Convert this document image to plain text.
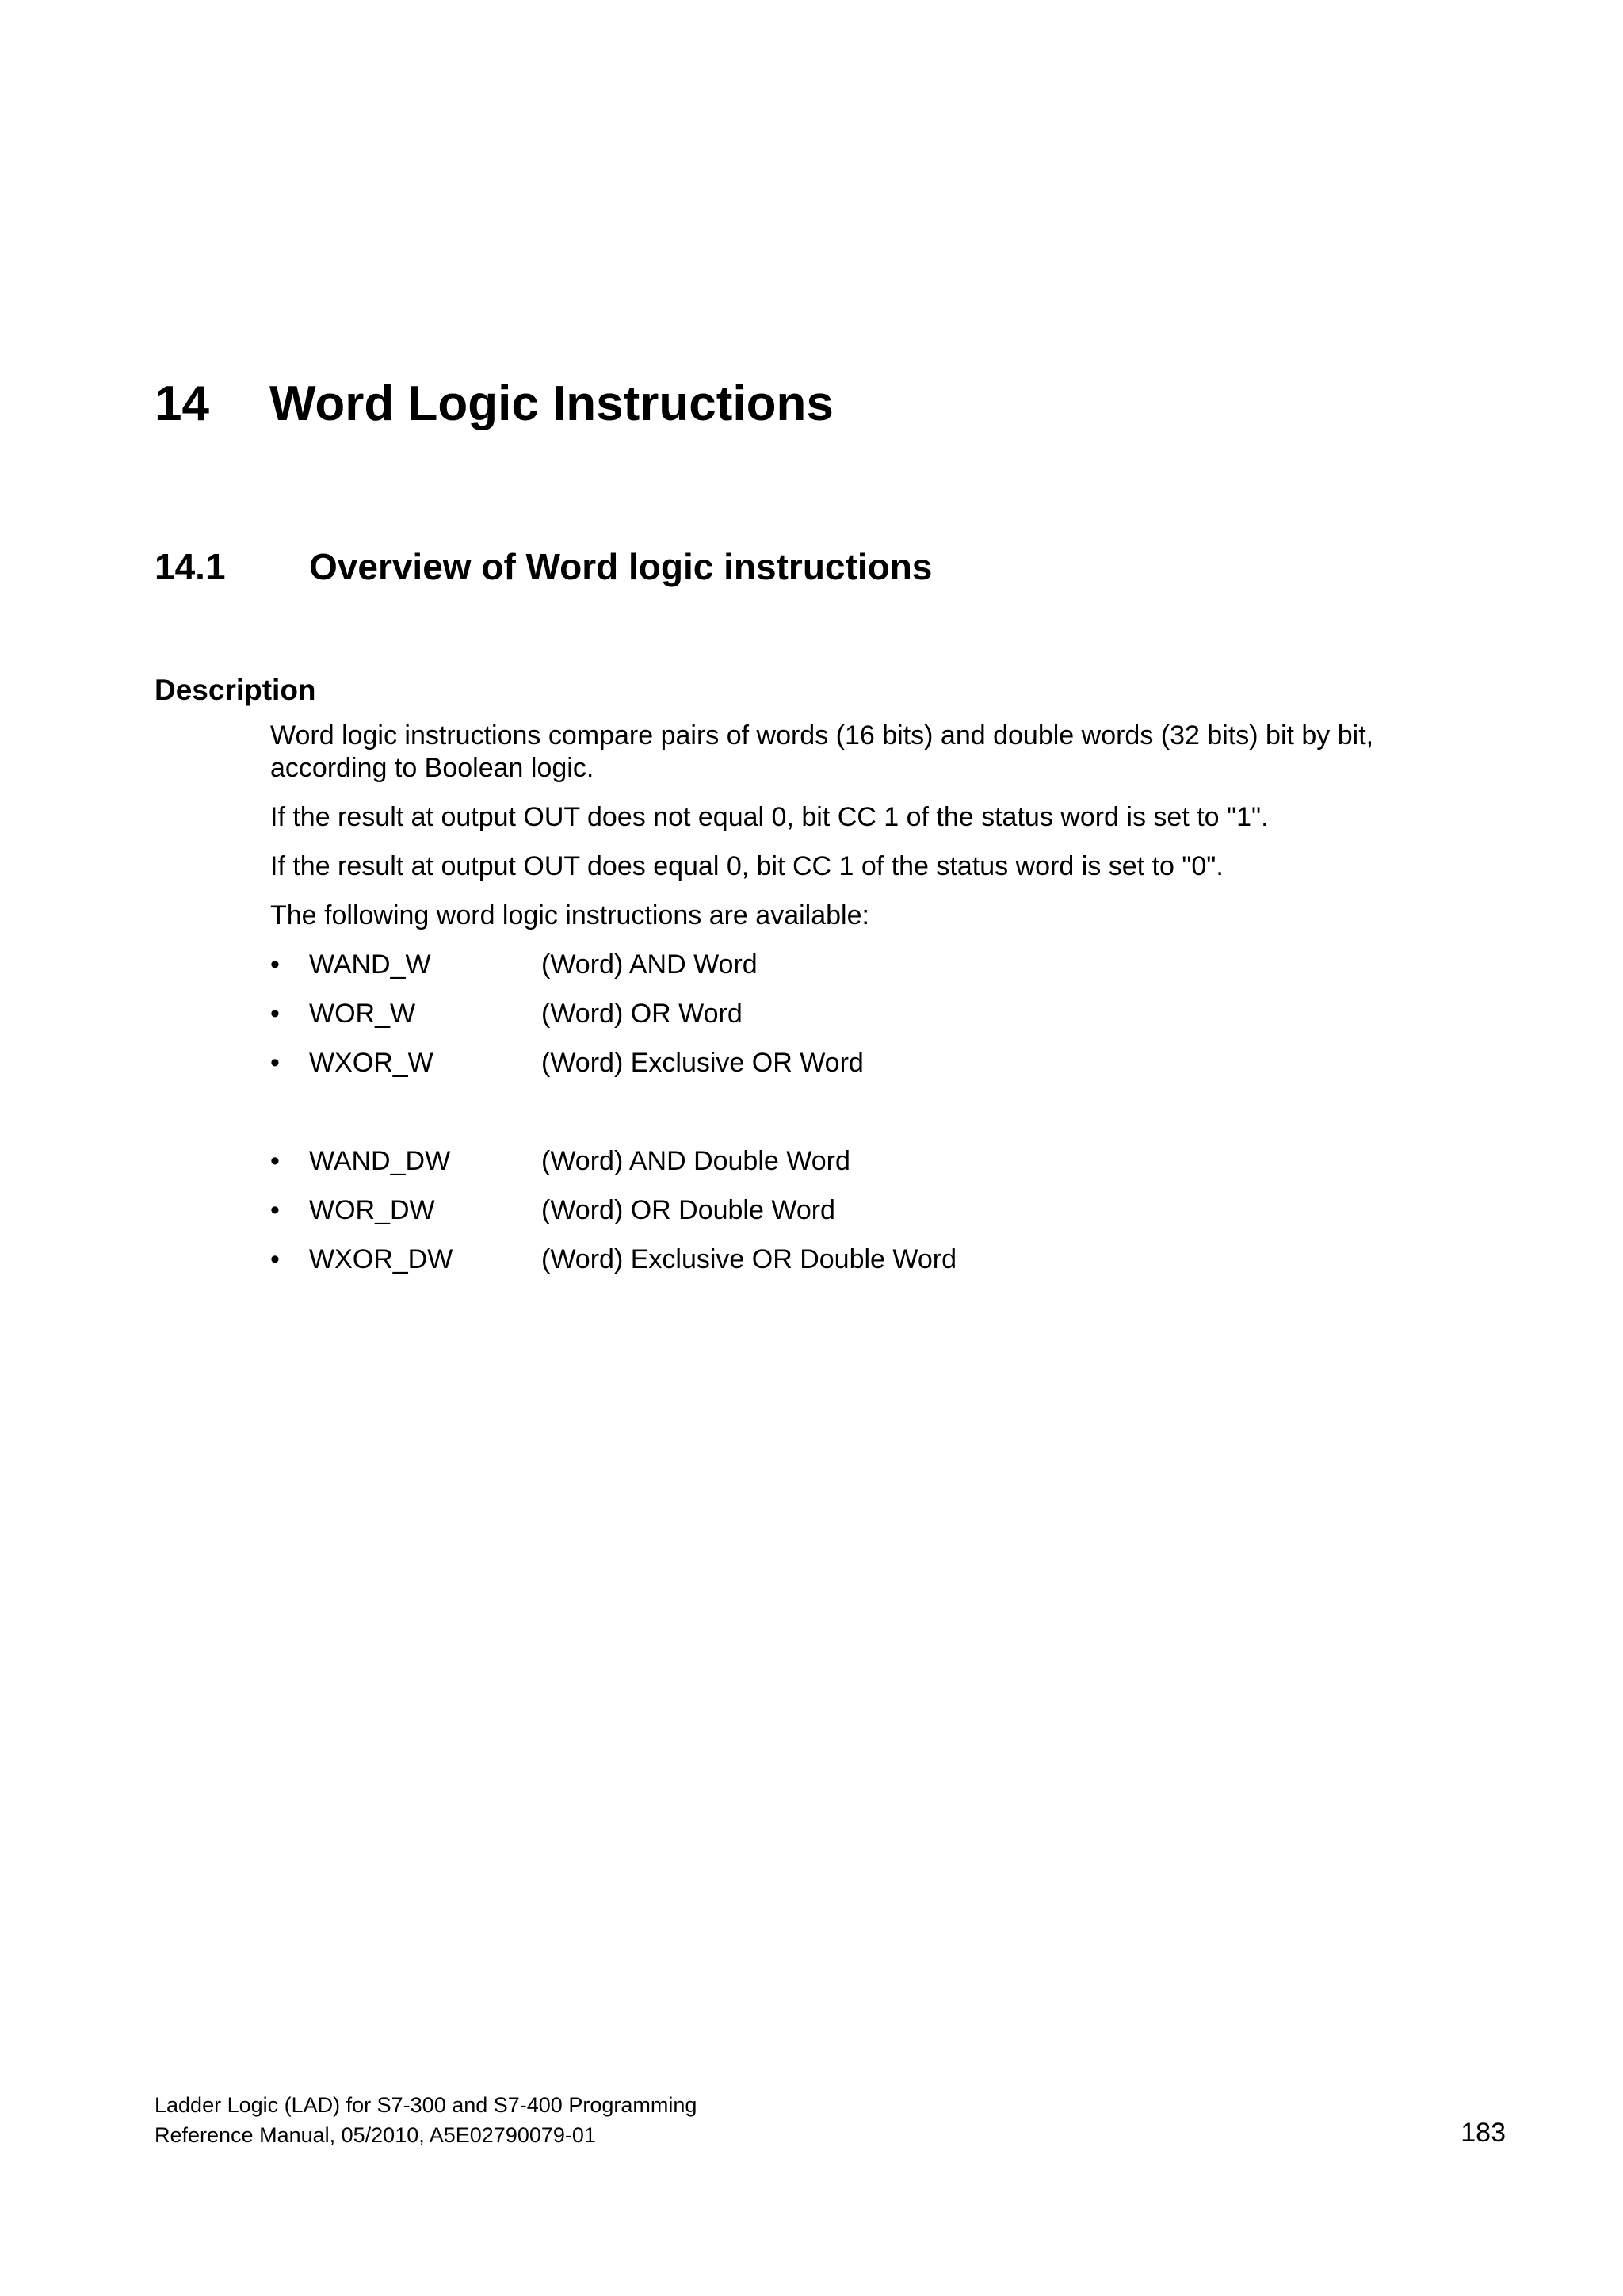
14 Word Logic Instructions
14.1 Overview of Word logic instructions
Description

Word logic instructions compare pairs of words (16 bits) and double words (32 bits) bit by bit, according to Boolean logic.

If the result at output OUT does not equal 0, bit CC 1 of the status word is set to "1".

If the result at output OUT does equal 0, bit CC 1 of the status word is set to "0".

The following word logic instructions are available:

• WAND_W	(Word) AND Word
• WOR_W	(Word) OR Word
• WXOR_W	(Word) Exclusive OR Word
• WAND_DW	(Word) AND Double Word
• WOR_DW	(Word) OR Double Word
• WXOR_DW	(Word) Exclusive OR Double Word
Ladder Logic (LAD) for S7-300 and S7-400 Programming
Reference Manual, 05/2010, A5E02790079-01	183
